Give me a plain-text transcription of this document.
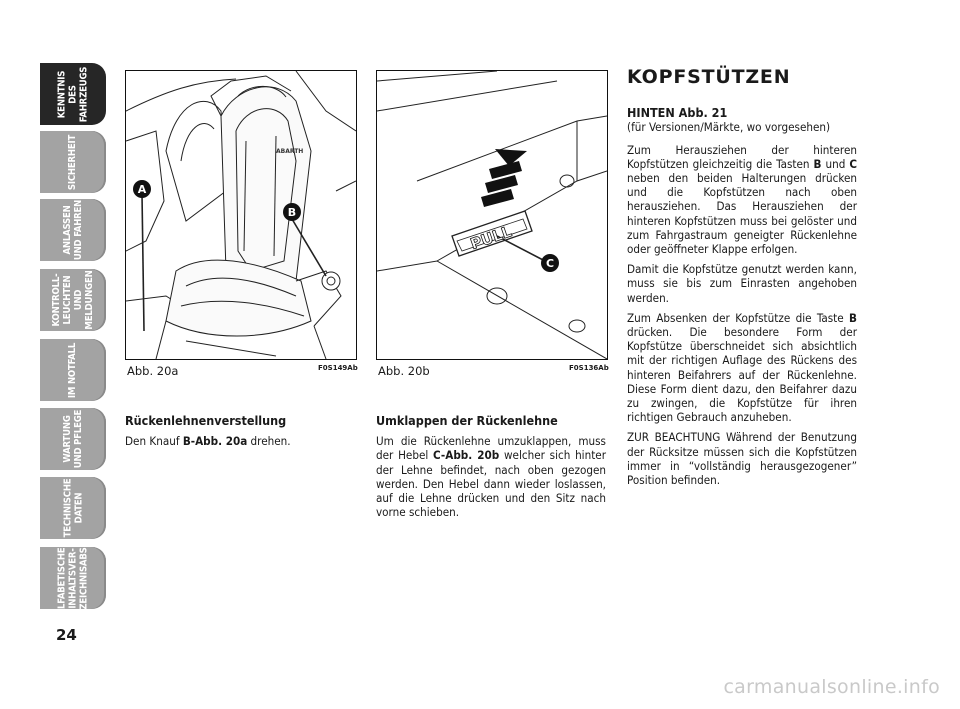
KENNTNIS DES
FAHRZEUGS
SICHERHEIT
ANLASSEN
UND FAHREN
KONTROLL-
LEUCHTEN UND
MELDUNGEN
IM NOTFALL
WARTUNG
UND PFLEGE
TECHNISCHE
DATEN
ALFABETISCHES
INHALTSVER-
ZEICHNISABS
24
ABARTH
A
B
Abb. 20a	F0S149Ab
PULL
C
Abb. 20b	F0S136Ab
Rückenlehnenverstellung

Den Knauf B-Abb. 20a drehen.

Umklappen der Rückenlehne

Um die Rückenlehne umzuklappen, muss der Hebel C-Abb. 20b welcher sich hinter der Lehne befindet, nach oben gezogen werden. Den Hebel dann wieder loslassen, auf die Lehne drücken und den Sitz nach vorne schieben.

KOPFSTÜTZEN
HINTEN Abb. 21

(für Versionen/Märkte, wo vorgesehen)

Zum Herausziehen der hinteren Kopfstützen gleichzeitig die Tasten B und C neben den beiden Halterungen drücken und die Kopfstützen nach oben herausziehen. Das Herausziehen der hinteren Kopfstützen muss bei gelöster und zum Fahrgastraum geneigter Rückenlehne oder geöffneter Klappe erfolgen.

Damit die Kopfstütze genutzt werden kann, muss sie bis zum Einrasten angehoben werden.

Zum Absenken der Kopfstütze die Taste B drücken. Die besondere Form der Kopfstütze überschneidet sich absichtlich mit der richtigen Auflage des Rückens des hinteren Beifahrers auf der Rückenlehne. Diese Form dient dazu, den Beifahrer dazu zu zwingen, die Kopfstütze für ihren richtigen Gebrauch anzuheben.

ZUR BEACHTUNG Während der Benutzung der Rücksitze müssen sich die Kopfstützen immer in “vollständig herausgezogener” Position befinden.

carmanualsonline.info
